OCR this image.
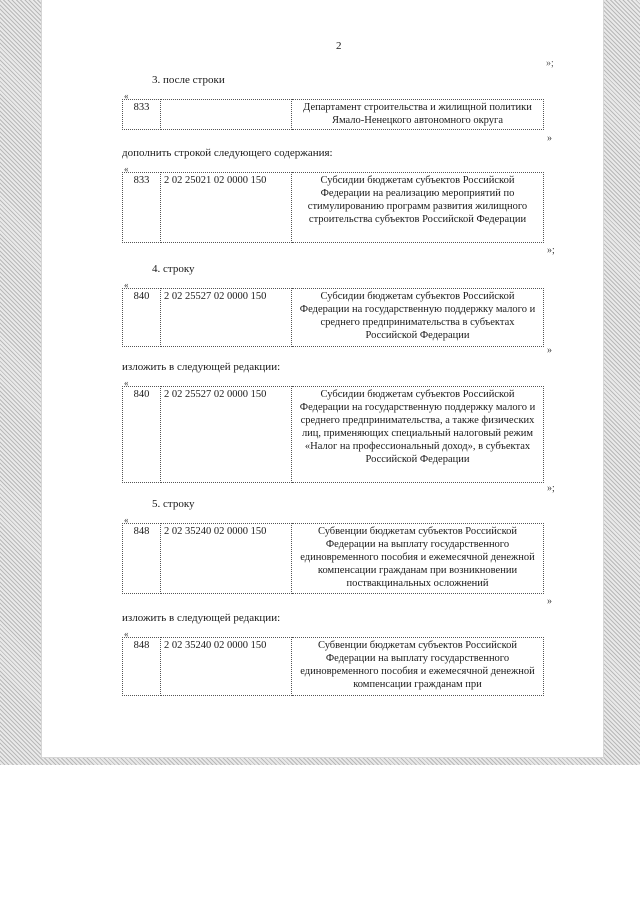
2
»;
3. после строки
«
833		Департамент строительства и жилищной политики Ямало-Ненецкого автономного округа
»
дополнить строкой следующего содержания:
«
833	2 02 25021 02 0000 150	Субсидии бюджетам субъектов Российской Федерации на реализацию мероприятий по стимулированию программ развития жилищного строительства субъектов Российской Федерации
»;
4. строку
«
840	2 02 25527 02 0000 150	Субсидии бюджетам субъектов Российской Федерации на государственную поддержку малого и среднего предпринимательства в субъектах Российской Федерации
»
изложить в следующей редакции:
«
840	2 02 25527 02 0000 150	Субсидии бюджетам субъектов Российской Федерации на государственную поддержку малого и среднего предпринимательства, а также физических лиц, применяющих специальный налоговый режим «Налог на профессиональный доход», в субъектах Российской Федерации
»;
5. строку
«
848	2 02 35240 02 0000 150	Субвенции бюджетам субъектов Российской Федерации на выплату государственного единовременного пособия и ежемесячной денежной компенсации гражданам при возникновении поствакцинальных осложнений
»
изложить в следующей редакции:
«
848	2 02 35240 02 0000 150	Субвенции бюджетам субъектов Российской Федерации на выплату государственного единовременного пособия и ежемесячной денежной компенсации гражданам при
